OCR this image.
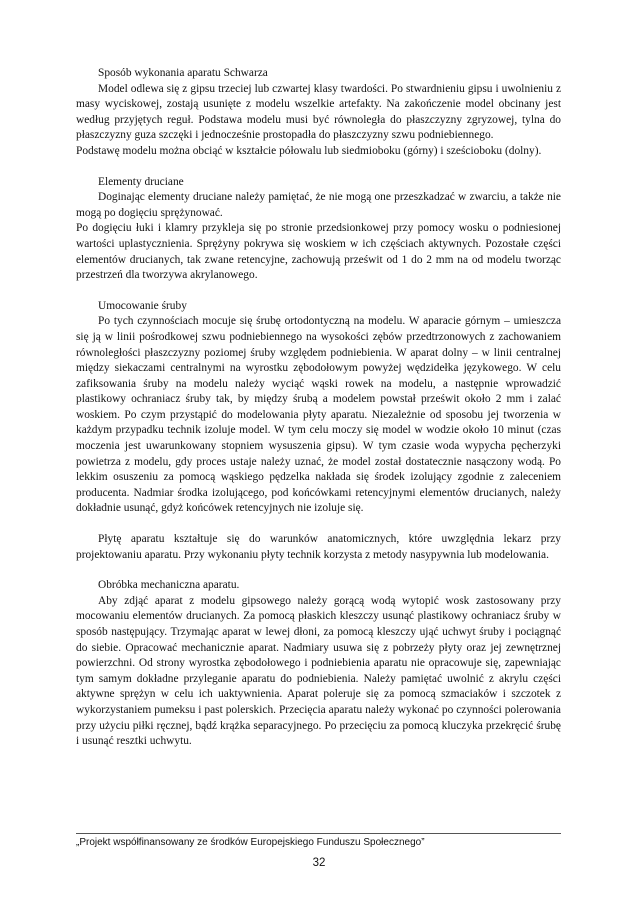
Sposób wykonania aparatu Schwarza

Model odlewa się z gipsu trzeciej lub czwartej klasy twardości. Po stwardnieniu gipsu i uwolnieniu z masy wyciskowej, zostają usunięte z modelu wszelkie artefakty. Na zakończenie model obcinany jest według przyjętych reguł. Podstawa modelu musi być równoległa do płaszczyzny zgryzowej, tylna do płaszczyzny guza szczęki i jednocześnie prostopadła do płaszczyzny szwu podniebiennego.

Podstawę modelu można obciąć w kształcie półowalu lub siedmioboku (górny) i sześcioboku (dolny).

Elementy druciane

Doginając elementy druciane należy pamiętać, że nie mogą one przeszkadzać w zwarciu, a także nie mogą po dogięciu sprężynować.

Po dogięciu łuki i klamry przykleja się po stronie przedsionkowej przy pomocy wosku o podniesionej wartości uplastycznienia. Sprężyny pokrywa się woskiem w ich częściach aktywnych. Pozostałe części elementów drucianych, tak zwane retencyjne, zachowują prześwit od 1 do 2 mm na od modelu tworząc przestrzeń dla tworzywa akrylanowego.

Umocowanie śruby

Po tych czynnościach mocuje się śrubę ortodontyczną na modelu. W aparacie górnym – umieszcza się ją w linii pośrodkowej szwu podniebiennego na wysokości zębów przedtrzonowych z zachowaniem równoległości płaszczyzny poziomej śruby względem podniebienia. W aparat dolny – w linii centralnej między siekaczami centralnymi na wyrostku zębodołowym powyżej wędzidełka językowego. W celu zafiksowania śruby na modelu należy wyciąć wąski rowek na modelu, a następnie wprowadzić plastikowy ochraniacz śruby tak, by między śrubą a modelem powstał prześwit około 2 mm i zalać woskiem. Po czym przystąpić do modelowania płyty aparatu. Niezależnie od sposobu jej tworzenia w każdym przypadku technik izoluje model. W tym celu moczy się model w wodzie około 10 minut (czas moczenia jest uwarunkowany stopniem wysuszenia gipsu). W tym czasie woda wypycha pęcherzyki powietrza z modelu, gdy proces ustaje należy uznać, że model został dostatecznie nasączony wodą. Po lekkim osuszeniu za pomocą wąskiego pędzelka nakłada się środek izolujący zgodnie z zaleceniem producenta. Nadmiar środka izolującego, pod końcówkami retencyjnymi elementów drucianych, należy dokładnie usunąć, gdyż końcówek retencyjnych nie izoluje się.

Płytę aparatu kształtuje się do warunków anatomicznych, które uwzględnia lekarz przy projektowaniu aparatu. Przy wykonaniu płyty technik korzysta z metody nasypywnia lub modelowania.

Obróbka mechaniczna aparatu.

Aby zdjąć aparat z modelu gipsowego należy gorącą wodą wytopić wosk zastosowany przy mocowaniu elementów drucianych. Za pomocą płaskich kleszczy usunąć plastikowy ochraniacz śruby w sposób następujący. Trzymając aparat w lewej dłoni, za pomocą kleszczy ująć uchwyt śruby i pociągnąć do siebie. Opracować mechanicznie aparat. Nadmiary usuwa się z pobrzeży płyty oraz jej zewnętrznej powierzchni. Od strony wyrostka zębodołowego i podniebienia aparatu nie opracowuje się, zapewniając tym samym dokładne przyleganie aparatu do podniebienia. Należy pamiętać uwolnić z akrylu części aktywne sprężyn w celu ich uaktywnienia. Aparat poleruje się za pomocą szmaciaków i szczotek z wykorzystaniem pumeksu i past polerskich. Przecięcia aparatu należy wykonać po czynności polerowania przy użyciu piłki ręcznej, bądź krążka separacyjnego. Po przecięciu za pomocą kluczyka przekręcić śrubę i usunąć resztki uchwytu.

„Projekt współfinansowany ze środków Europejskiego Funduszu Społecznego”
32
